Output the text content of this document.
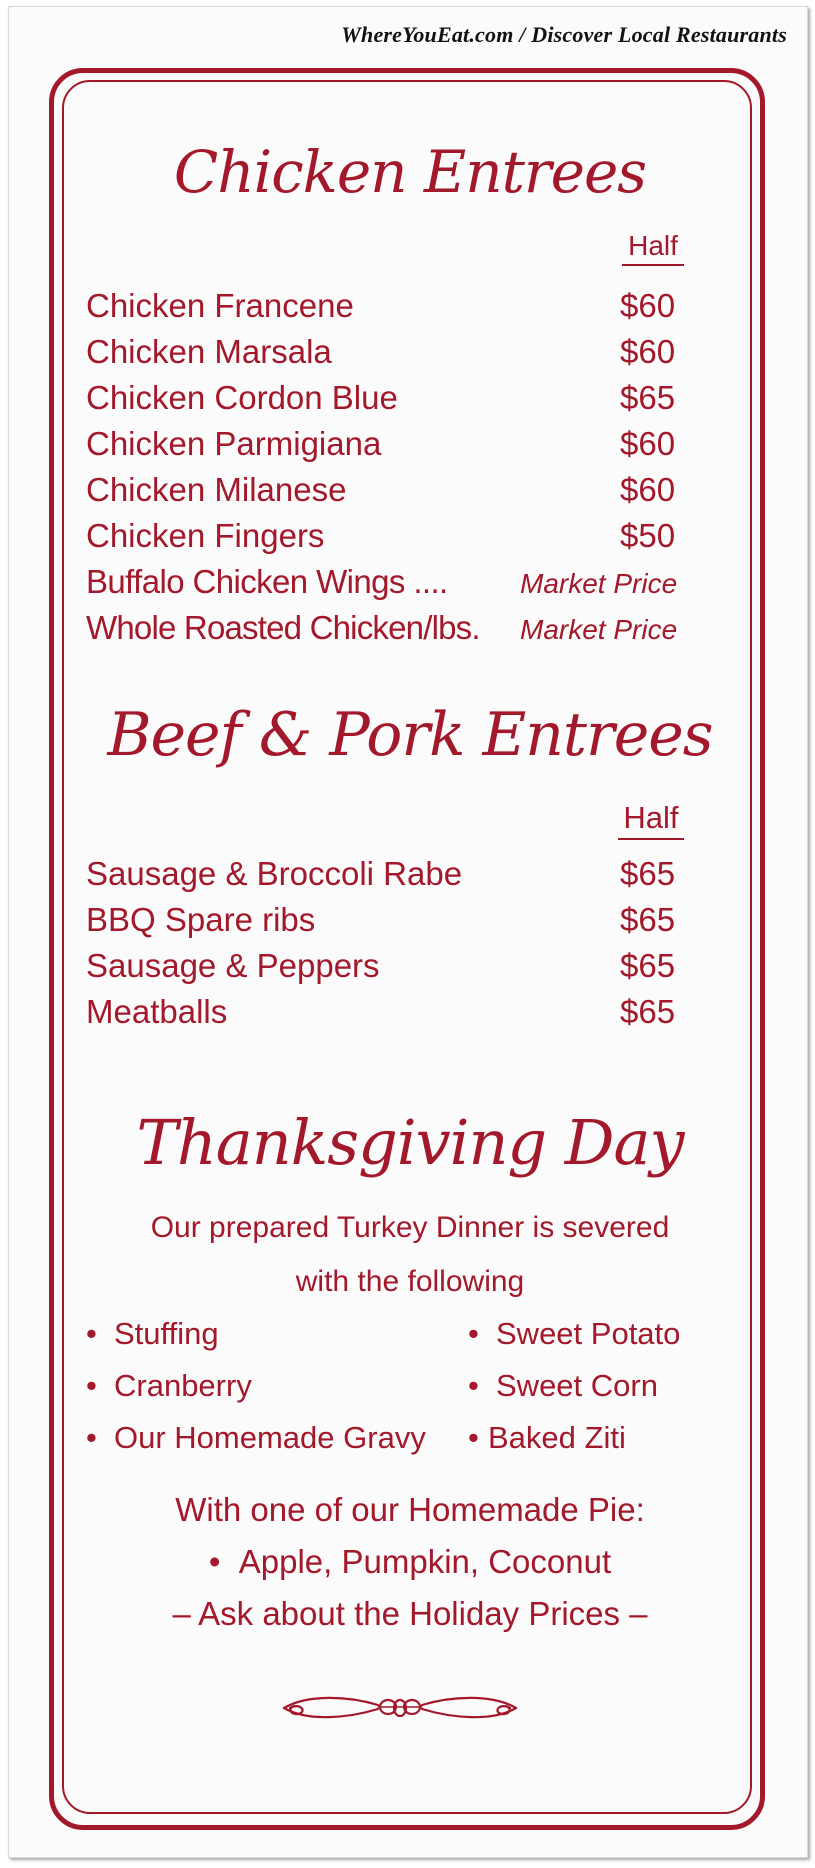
WhereYouEat.com / Discover Local Restaurants
Chicken Entrees
Half
Chicken Francene	$60
Chicken Marsala	$60
Chicken Cordon Blue	$65
Chicken Parmigiana	$60
Chicken Milanese	$60
Chicken Fingers	$50
Buffalo Chicken Wings ....	Market Price
Whole Roasted Chicken/lbs. Market Price
Beef & Pork Entrees
Half
Sausage & Broccoli Rabe	$65
BBQ Spare ribs	$65
Sausage & Peppers	$65
Meatballs	$65
Thanksgiving Day
Our prepared Turkey Dinner is severed
with the following
• Stuffing
• Cranberry
• Our Homemade Gravy
• Sweet Potato
• Sweet Corn
• Baked Ziti
With one of our Homemade Pie:
•  Apple, Pumpkin, Coconut
– Ask about the Holiday Prices –
